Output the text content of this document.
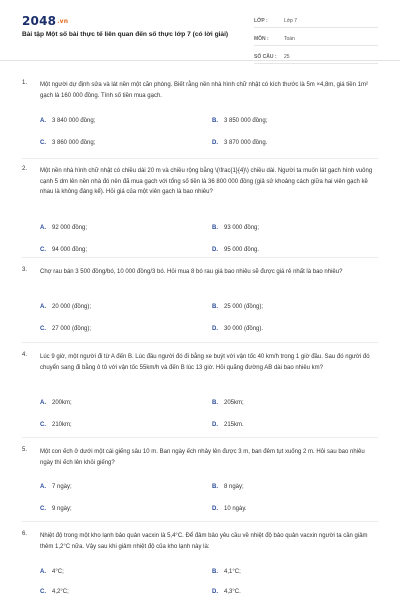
2048.vn
Bài tập Một số bài thực tế liên quan đến số thực lớp 7 (có lời giải)
LỚP :	Lớp 7
MÔN :	Toán
SỐ CÂU :	25
1. Một người dự định sửa và lát nền một căn phòng. Biết rằng nền nhà hình chữ nhật có kích thước là 5m ×4,8m, giá tiền 1m² gạch là 160 000 đồng. Tính số tiền mua gạch.
A. 3 840 000 đồng;	B. 3 850 000 đồng;
C. 3 860 000 đồng;	D. 3 870 000 đồng.
2. Một nền nhà hình chữ nhật có chiều dài 20 m và chiều rộng bằng \(\frac{1}{4}\) chiều dài. Người ta muốn lát gạch hình vuông cạnh 5 dm lên nền nhà đó nên đã mua gạch với tổng số tiền là 36 800 000 đồng (giả sử khoảng cách giữa hai viên gạch kề nhau là không đáng kể). Hỏi giá của một viên gạch là bao nhiêu?
A. 92 000 đồng;	B. 93 000 đồng;
C. 94 000 đồng;	D. 95 000 đồng.
3. Chợ rau bán 3 500 đồng/bó, 10 000 đồng/3 bó. Hỏi mua 8 bó rau giá bao nhiêu sẽ được giá rẻ nhất là bao nhiêu?
A. 20 000 (đồng);	B. 25 000 (đồng);
C. 27 000 (đồng);	D. 30 000 (đồng).
4. Lúc 9 giờ, một người đi từ A đến B. Lúc đầu người đó đi bằng xe buýt với vận tốc 40 km/h trong 1 giờ đầu. Sau đó người đó chuyển sang đi bằng ô tô với vận tốc 55km/h và đến B lúc 13 giờ. Hỏi quãng đường AB dài bao nhiêu km?
A. 200km;	B. 205km;
C. 210km;	D. 215km.
5. Một con ếch ở dưới một cái giếng sâu 10 m. Ban ngày ếch nhảy lên được 3 m, ban đêm tụt xuống 2 m. Hỏi sau bao nhiêu ngày thì ếch lên khỏi giếng?
A. 7 ngày;	B. 8 ngày;
C. 9 ngày;	D. 10 ngày.
6. Nhiệt độ trong một kho lạnh bảo quản vacxin là 5,4°C. Để đảm bảo yêu cầu về nhiệt độ bảo quản vacxin người ta cần giảm thêm 1,2°C nữa. Vậy sau khi giảm nhiệt độ của kho lạnh này là:
A. 4°C;	B. 4,1°C;
C. 4,2°C;	D. 4,3°C.
